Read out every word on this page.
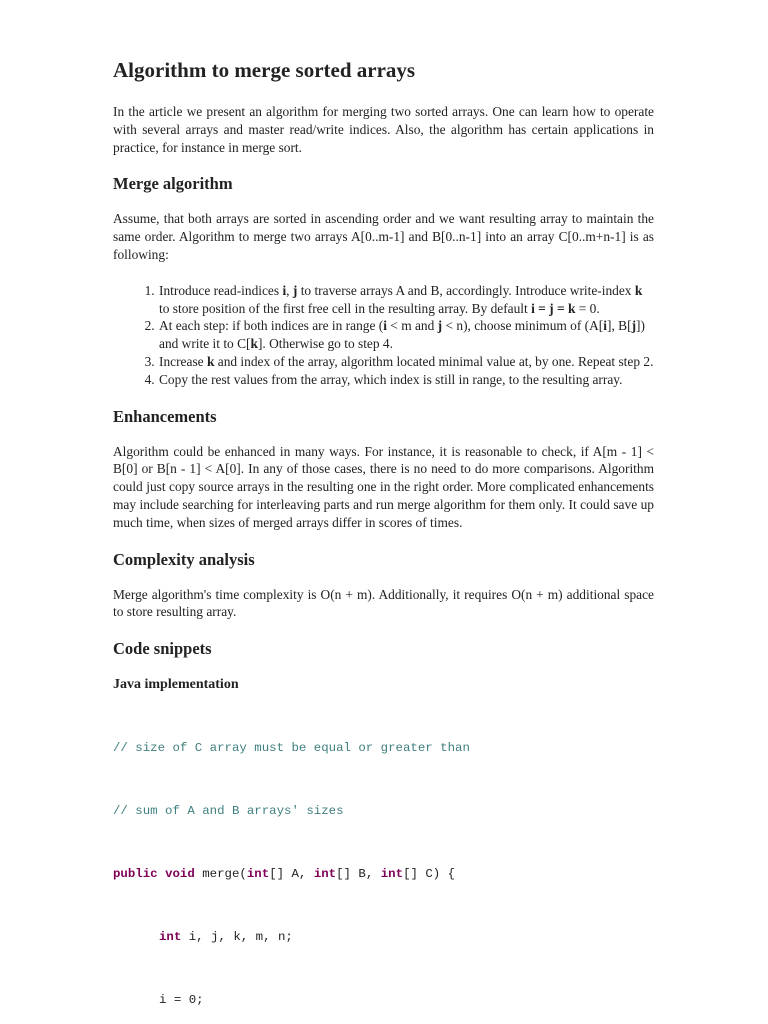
Algorithm to merge sorted arrays

In the article we present an algorithm for merging two sorted arrays. One can learn how to operate with several arrays and master read/write indices. Also, the algorithm has certain applications in practice, for instance in merge sort.

Merge algorithm

Assume, that both arrays are sorted in ascending order and we want resulting array to maintain the same order. Algorithm to merge two arrays A[0..m-1] and B[0..n-1] into an array C[0..m+n-1] is as following:

1. Introduce read-indices i, j to traverse arrays A and B, accordingly. Introduce write-index k to store position of the first free cell in the resulting array. By default i = j = k = 0.
2. At each step: if both indices are in range (i < m and j < n), choose minimum of (A[i], B[j]) and write it to C[k]. Otherwise go to step 4.
3. Increase k and index of the array, algorithm located minimal value at, by one. Repeat step 2.
4. Copy the rest values from the array, which index is still in range, to the resulting array.
Enhancements

Algorithm could be enhanced in many ways. For instance, it is reasonable to check, if A[m - 1] < B[0] or B[n - 1] < A[0]. In any of those cases, there is no need to do more comparisons. Algorithm could just copy source arrays in the resulting one in the right order. More complicated enhancements may include searching for interleaving parts and run merge algorithm for them only. It could save up much time, when sizes of merged arrays differ in scores of times.

Complexity analysis

Merge algorithm's time complexity is O(n + m). Additionally, it requires O(n + m) additional space to store resulting array.

Code snippets
Java implementation

// size of C array must be equal or greater than

// sum of A and B arrays' sizes

public void merge(int[] A, int[] B, int[] C) {

int i, j, k, m, n;

i = 0;
